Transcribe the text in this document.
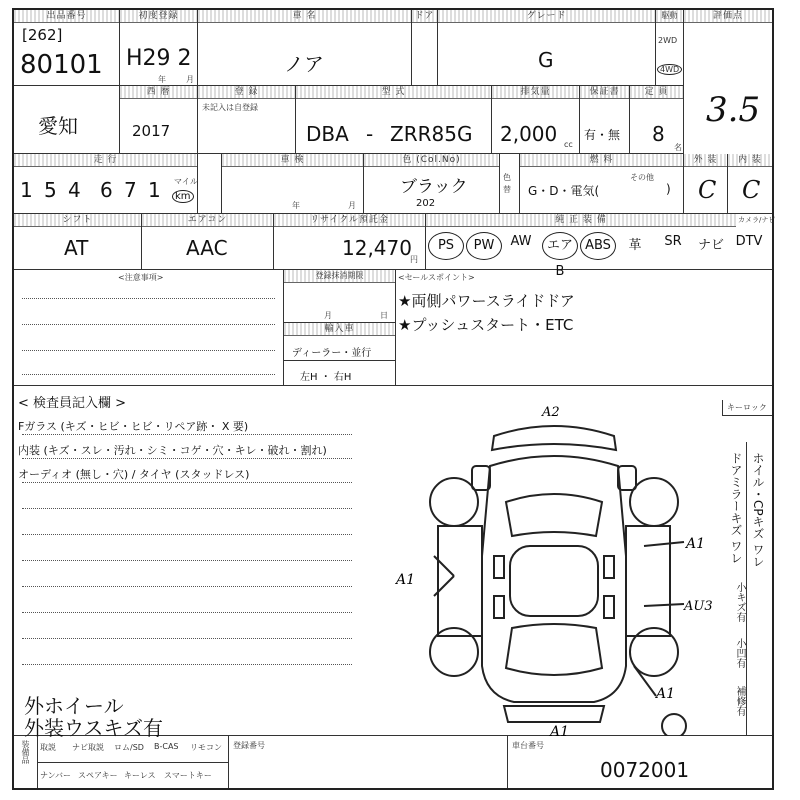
出品番号
[262]
80101
初度登録
H29 2
年	月
車 名
ノア
ドア	グレード
G
駆動
2WD
4WD
評価点
3.5
愛知
西 暦
2017
登 録
未記入は自登録
型 式
DBA - ZRR85G
排気量
2,000 cc
保証書
有・無
定 員
8
名
走 行
1 5 4 6 7 1 マイル
km
車 検
年	月
色 (Col.No)
ブラック
202
色替
燃 料
G・D・電気(
その他
)
外 装
C
内 装
C
シフト
AT
エアコン
AAC
リサイクル預託金
12,470
円
純 正 装 備	カメラ/ナビ
PS	PW	AW	エアB
ABS	革	SR	ナビ DTV
<注意事項>	登録抹消期限
月	日
輸入車
ディーラー・並行
左H ・ 右H
<セールスポイント>
★両側パワースライドドア
★プッシュスタート・ETC
< 検査員記入欄 >
Fガラス (キズ・ヒビ・ヒビ・リペア跡・ X 要)
内装 (キズ・スレ・汚れ・シミ・コゲ・穴・キレ・破れ・割れ)
オーディオ (無し・穴) / タイヤ (スタッドレス)
外ホイール
外装ウスキズ有
A2
A1
A1
AU3
A1
A1
キーロック
ホイル・CPキズ ワレ
ドアミラーキズ ワレ
小キズ有
小凹有
補修有
装備品 取説 ナビ取説 ロム/SD B-CAS リモコン
ナンバー スペアキー キーレス スマートキー
登録番号	車台番号
0072001
